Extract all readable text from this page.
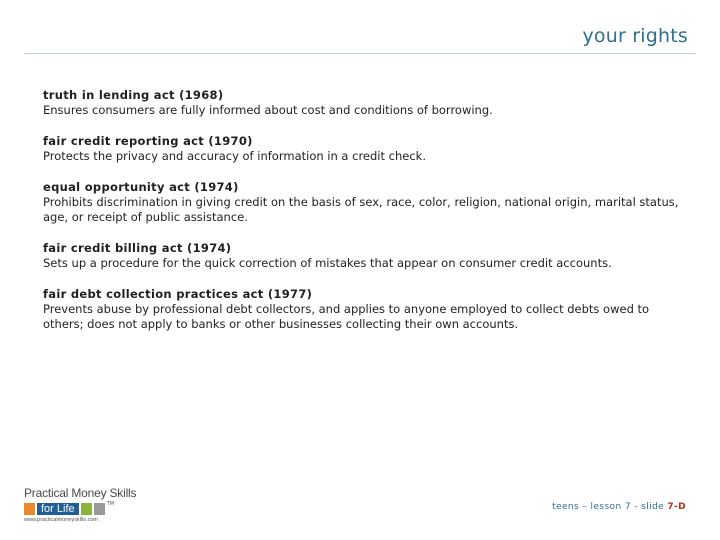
your rights
truth in lending act (1968)
Ensures consumers are fully informed about cost and conditions of borrowing.
fair credit reporting act (1970)
Protects the privacy and accuracy of information in a credit check.
equal opportunity act (1974)
Prohibits discrimination in giving credit on the basis of sex, race, color, religion, national origin, marital status, age, or receipt of public assistance.
fair credit billing act (1974)
Sets up a procedure for the quick correction of mistakes that appear on consumer credit accounts.
fair debt collection practices act (1977)
Prevents abuse by professional debt collectors, and applies to anyone employed to collect debts owed to others; does not apply to banks or other businesses collecting their own accounts.
Practical Money Skills
for Life	TM
www.practicalmoneyskills.com
teens – lesson 7 - slide 7-D
